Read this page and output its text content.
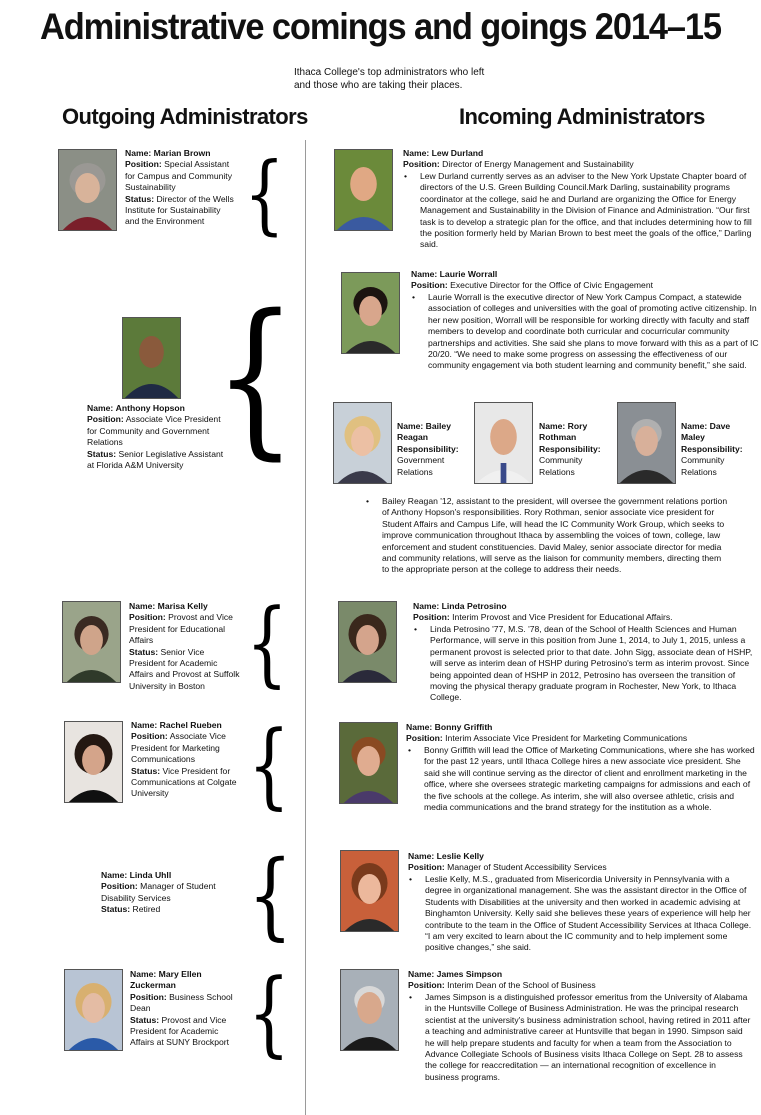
Administrative comings and goings 2014–15
Ithaca College's top administrators who left
and those who are taking their places.
Outgoing Administrators	Incoming Administrators
Name: Marian Brown
Position: Special Assistant for Campus and Community Sustainability
Status: Director of the Wells Institute for Sustainability and the Environment {
Name: Anthony Hopson
Position: Associate Vice President for Community and Government Relations
Status: Senior Legislative Assistant at Florida A&M University {
Name: Marisa Kelly
Position: Provost and Vice President for Educational Affairs
Status: Senior Vice President for Academic Affairs and Provost at Suffolk University in Boston {
Name: Rachel Rueben
Position: Associate Vice President for Marketing Communications
Status: Vice President for Communications at Colgate University	{
Name: Linda Uhll
Position: Manager of Student Disability Services
Status: Retired	{
Name: Mary Ellen Zuckerman
Position: Business School Dean
Status: Provost and Vice President for Academic Affairs at SUNY Brockport {
Name: Lew Durland
Position: Director of Energy Management and Sustainability
• Lew Durland currently serves as an adviser to the New York Upstate Chapter board of directors of the U.S. Green Building Council.Mark Darling, sustainability programs coordinator at the college, said he and Durland are organizing the Office for Energy Management and Sustainability in the Division of Finance and Administration. “Our first task is to develop a strategic plan for the office, and that includes determining how to fill the position formerly held by Marian Brown to best meet the goals of the office,” Darling said.
Name: Laurie Worrall
Position: Executive Director for the Office of Civic Engagement
• Laurie Worrall is the executive director of New York Campus Compact, a statewide association of colleges and universities with the goal of promoting active citizenship. In her new position, Worrall will be responsible for working directly with faculty and staff members to develop and coordinate both curricular and cocurricular community partnerships and activities. She said she plans to move forward with this as a part of IC 20/20. “We need to make some progress on assessing the effectiveness of our community engagement via both student learning and community benefit,” she said.
Name: Bailey Reagan
Responsibility: Government Relations
Name: Rory Rothman
Responsibility: Community Relations
Name: Dave Maley
Responsibility: Community Relations
• Bailey Reagan '12, assistant to the president, will oversee the government relations portion of Anthony Hopson's responsibilities. Rory Rothman, senior associate vice president for Student Affairs and Campus Life, will head the IC Community Work Group, which seeks to improve communication throughout Ithaca by assembling the voices of town, college, law enforcement and student constituencies. David Maley, senior associate director for media and community relations, will serve as the liaison for community members, directing them to the appropriate person at the college to address their needs.
Name: Linda Petrosino
Position: Interim Provost and Vice President for Educational Affairs.
• Linda Petrosino '77, M.S. '78, dean of the School of Health Sciences and Human Performance, will serve in this position from June 1, 2014, to July 1, 2015, unless a permanent provost is selected prior to that date. John Sigg, associate dean of HSHP, will serve as interim dean of HSHP during Petrosino's term as interim provost. Since being appointed dean of HSHP in 2012, Petrosino has overseen the transition of moving the physical therapy graduate program in Rochester, New York, to Ithaca College.
Name: Bonny Griffith
Position: Interim Associate Vice President for Marketing Communications
• Bonny Griffith will lead the Office of Marketing Communications, where she has worked for the past 12 years, until Ithaca College hires a new associate vice president. She said she will continue serving as the director of client and enrollment marketing in the office, where she oversees strategic marketing campaigns for admissions and each of the five schools at the college. As interim, she will also oversee athletic, crisis and media communications and the brand strategy for the institution as a whole.
Name: Leslie Kelly
Position: Manager of Student Accessibility Services
• Leslie Kelly, M.S., graduated from Misericordia University in Pennsylvania with a degree in organizational management. She was the assistant director in the Office of Students with Disabilities at the university and then worked in academic advising at Binghamton University. Kelly said she believes these years of experience will help her contribute to the team in the Office of Student Accessibility Services at Ithaca College. “I am very excited to learn about the IC community and to help implement some positive changes,” she said.
Name: James Simpson
Position: Interim Dean of the School of Business
• James Simpson is a distinguished professor emeritus from the University of Alabama in the Huntsville College of Business Administration. He was the principal research scientist at the university's business administration school, having retired in 2011 after a teaching and administrative career at Huntsville that began in 1990. Simpson said he will help prepare students and faculty for when a team from the Association to Advance Collegiate Schools of Business visits Ithaca College on Sept. 28 to assess the college for reaccreditation — an international recognition of excellence in business programs.
